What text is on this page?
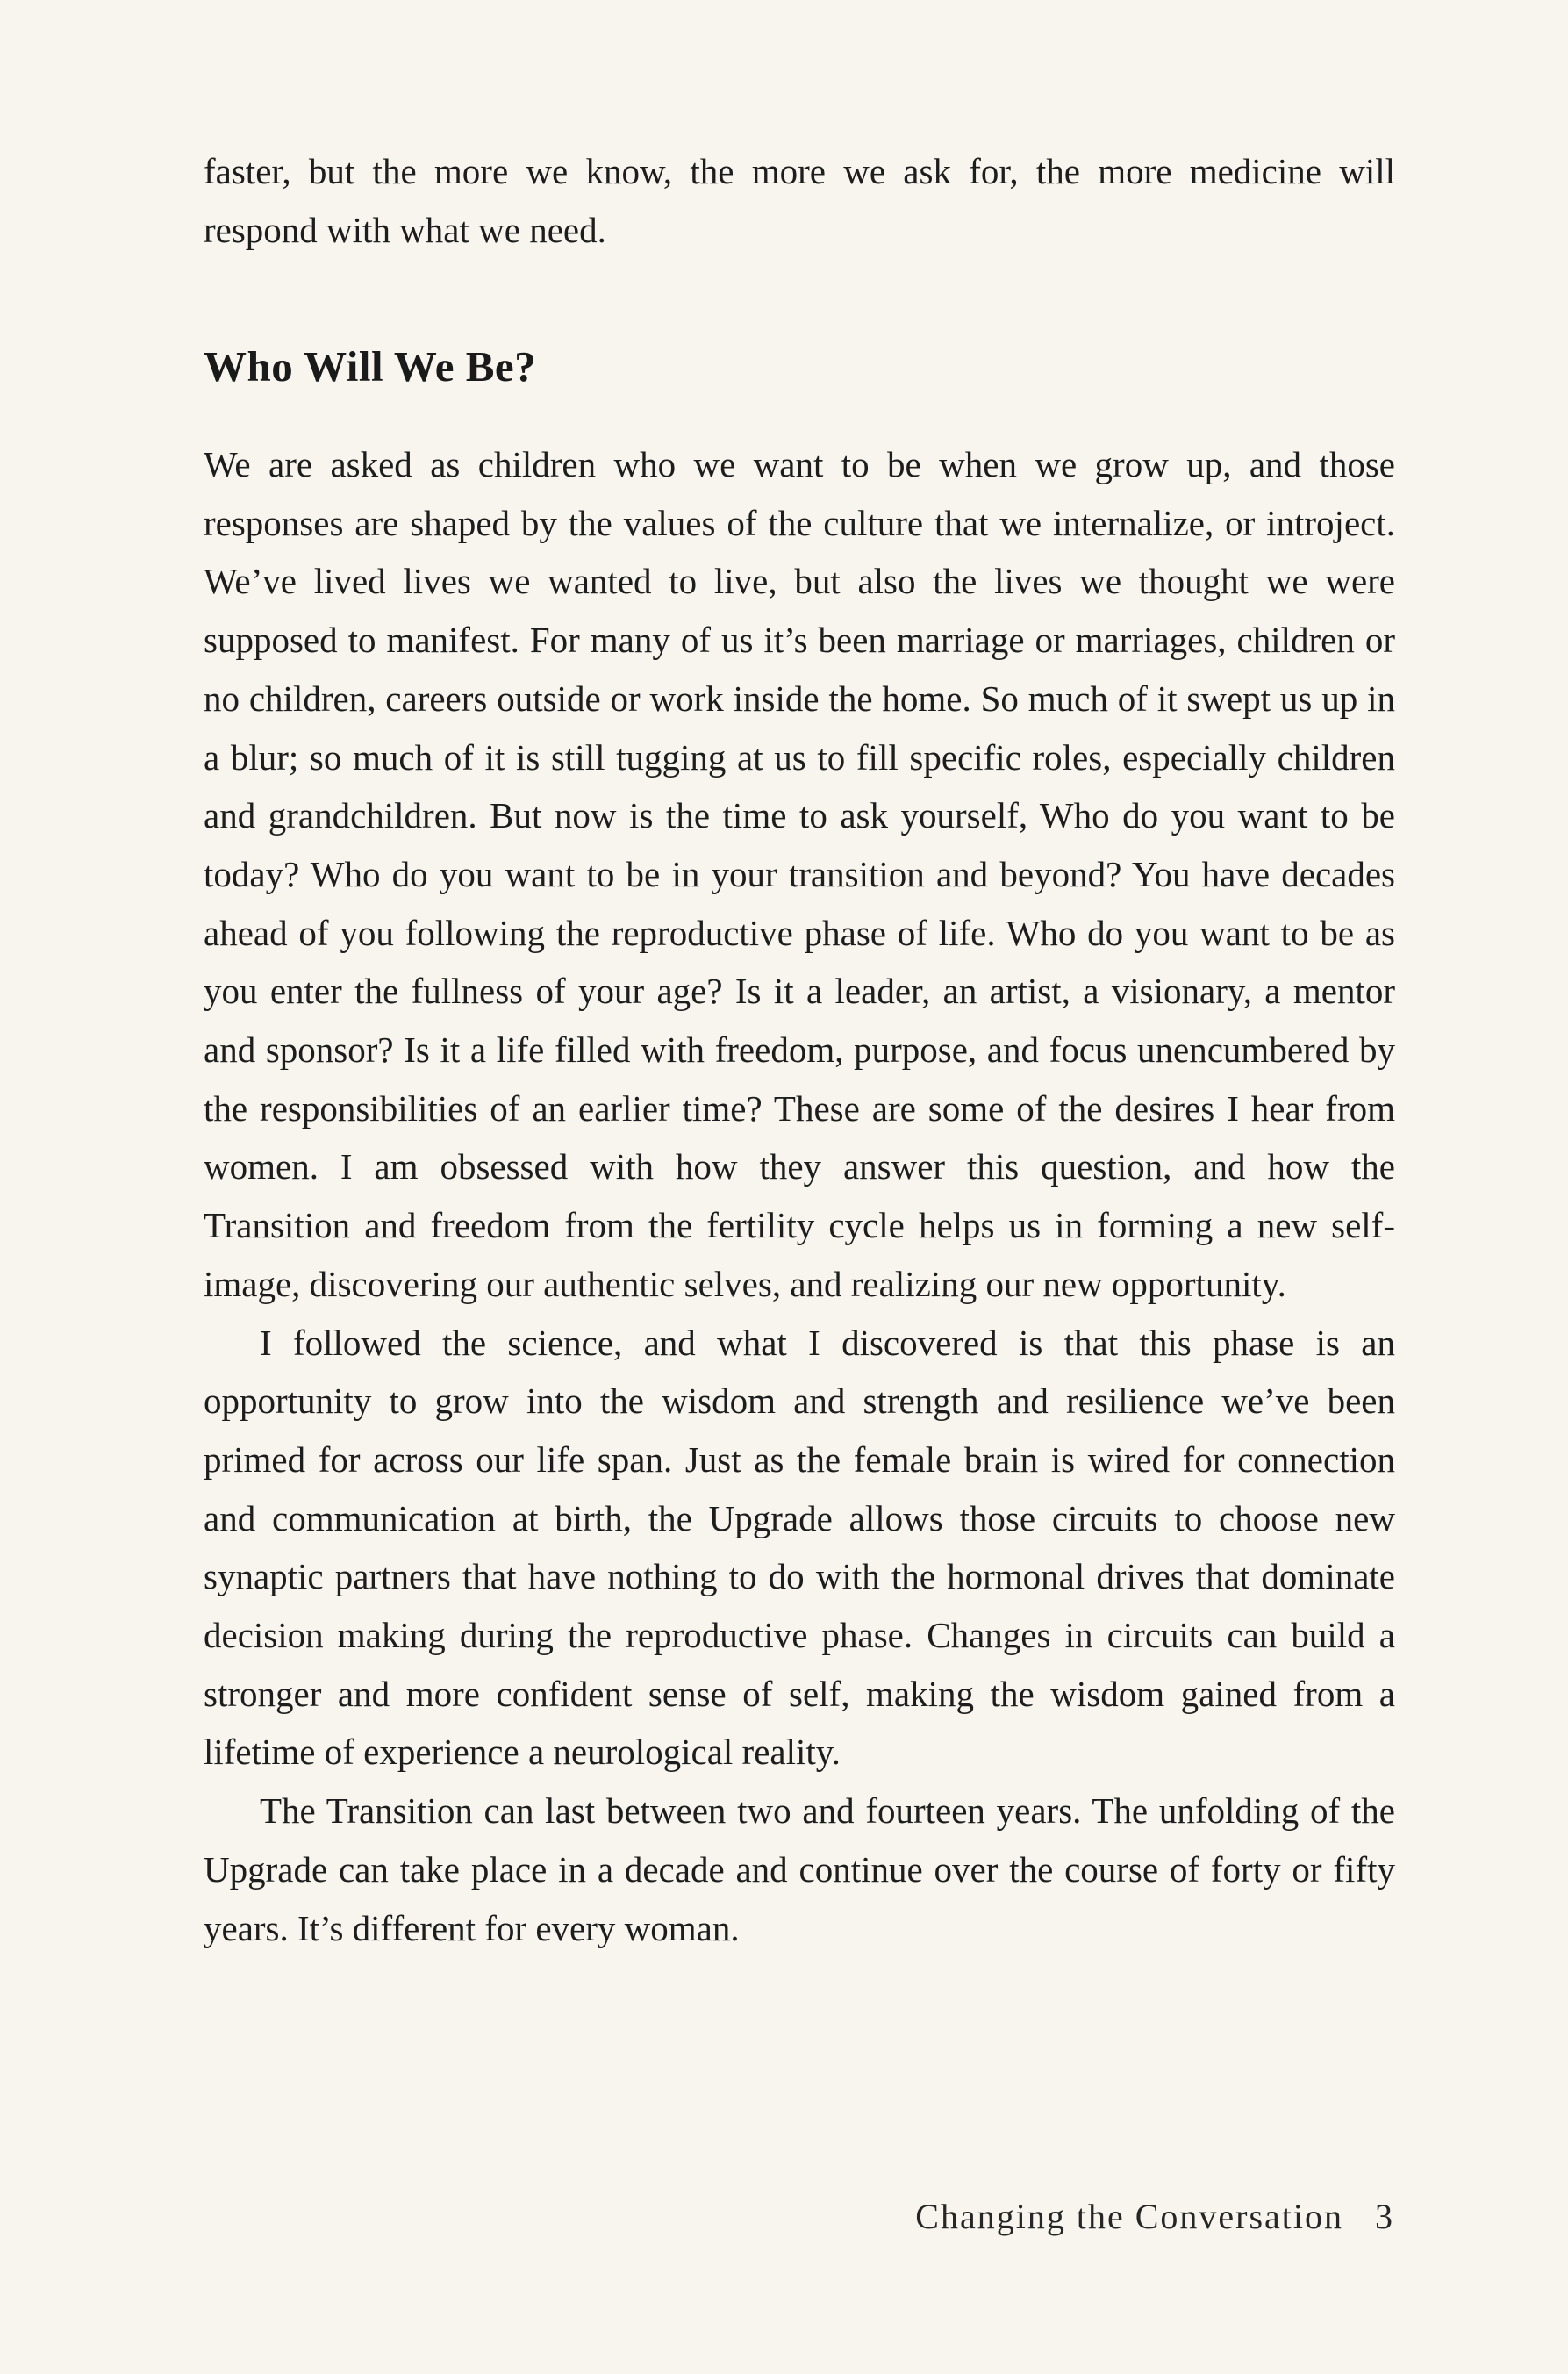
faster, but the more we know, the more we ask for, the more medicine will respond with what we need.
Who Will We Be?

We are asked as children who we want to be when we grow up, and those responses are shaped by the values of the culture that we internalize, or introject. We’ve lived lives we wanted to live, but also the lives we thought we were supposed to manifest. For many of us it’s been marriage or marriages, children or no children, careers outside or work inside the home. So much of it swept us up in a blur; so much of it is still tugging at us to fill specific roles, especially children and grandchildren. But now is the time to ask yourself, Who do you want to be today? Who do you want to be in your transition and beyond? You have decades ahead of you following the reproductive phase of life. Who do you want to be as you enter the fullness of your age? Is it a leader, an artist, a visionary, a mentor and sponsor? Is it a life filled with freedom, purpose, and focus unencumbered by the responsibilities of an earlier time? These are some of the desires I hear from women. I am obsessed with how they answer this question, and how the Transition and freedom from the fertility cycle helps us in forming a new self-image, discovering our authentic selves, and realizing our new opportunity.

I followed the science, and what I discovered is that this phase is an opportunity to grow into the wisdom and strength and resilience we’ve been primed for across our life span. Just as the female brain is wired for connection and communication at birth, the Upgrade allows those circuits to choose new synaptic partners that have nothing to do with the hormonal drives that dominate decision making during the reproductive phase. Changes in circuits can build a stronger and more confident sense of self, making the wisdom gained from a lifetime of experience a neurological reality.

The Transition can last between two and fourteen years. The unfolding of the Upgrade can take place in a decade and continue over the course of forty or fifty years. It’s different for every woman.

Changing the Conversation 3
